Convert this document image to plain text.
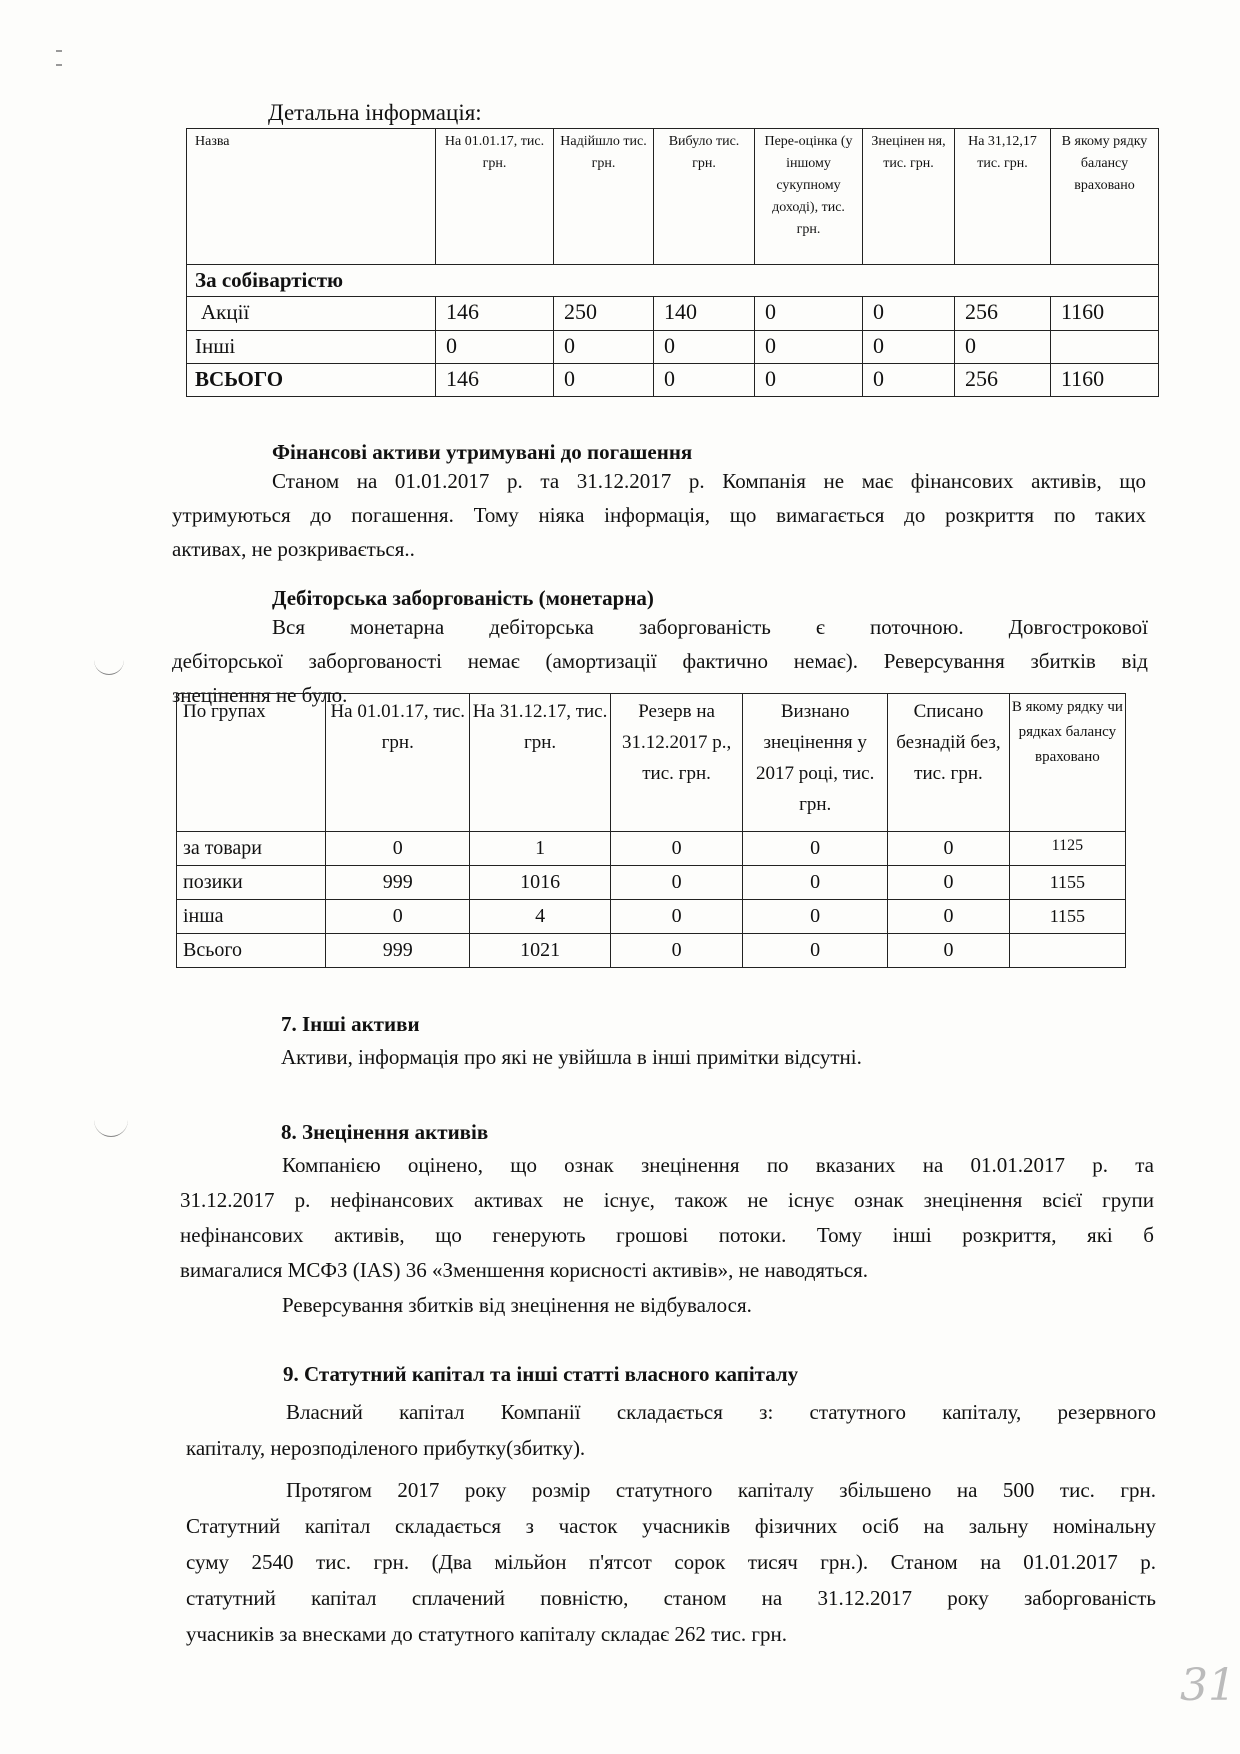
Детальна інформація:
Назва	На 01.01.17, тис. грн.	Надійшло тис. грн.	Вибуло тис. грн.	Пере-оцінка (у іншому сукупному доході), тис. грн.	Знецінен ня, тис. грн.	На 31,12,17 тис. грн.	В якому рядку балансу враховано
За собівартістю							
Акції	146	250	140	0	0	256	1160
Інші	0	0	0	0	0	0	
ВСЬОГО	146	0	0	0	0	256	1160
Фінансові активи утримувані до погашення
Станом на 01.01.2017 р. та 31.12.2017 р. Компанія не має фінансових активів, що
утримуються до погашення. Тому ніяка інформація, що вимагається до розкриття по таких
активах, не розкривається..
Дебіторська заборгованість (монетарна)
Вся монетарна дебіторська заборгованість є поточною. Довгострокової
дебіторської заборгованості немає (амортизації фактично немає). Реверсування збитків від
знецінення не було.
По групах	На 01.01.17, тис. грн.	На 31.12.17, тис. грн.	Резерв на 31.12.2017 р., тис. грн.	Визнано знецінення у 2017 році, тис. грн.	Списано безнадій без, тис. грн.	В якому рядку чи рядках балансу враховано
за товари	0	1	0	0	0	1125
позики	999	1016	0	0	0	1155
інша	0	4	0	0	0	1155
Всього	999	1021	0	0	0	
7. Інші активи
Активи, інформація про які не увійшла в інші примітки відсутні.
8. Знецінення активів
Компанією оцінено, що ознак знецінення по вказаних на 01.01.2017 р. та
31.12.2017 р. нефінансових активах не існує, також не існує ознак знецінення всієї групи
нефінансових активів, що генерують грошові потоки. Тому інші розкриття, які б
вимагалися МСФЗ (IAS) 36 «Зменшення корисності активів», не наводяться.
Реверсування збитків від знецінення не відбувалося.
9. Статутний капітал та інші статті власного капіталу
Власний капітал Компанії складається з: статутного капіталу, резервного
капіталу, нерозподіленого прибутку(збитку).
Протягом 2017 року розмір статутного капіталу збільшено на 500 тис. грн.
Статутний капітал складається з часток учасників фізичних осіб на зальну номінальну
суму 2540 тис. грн. (Два мільйон п'ятсот сорок тисяч грн.). Станом на 01.01.2017 р.
статутний капітал сплачений повністю, станом на 31.12.2017 року заборгованість
учасників за внесками до статутного капіталу складає 262 тис. грн.
31
